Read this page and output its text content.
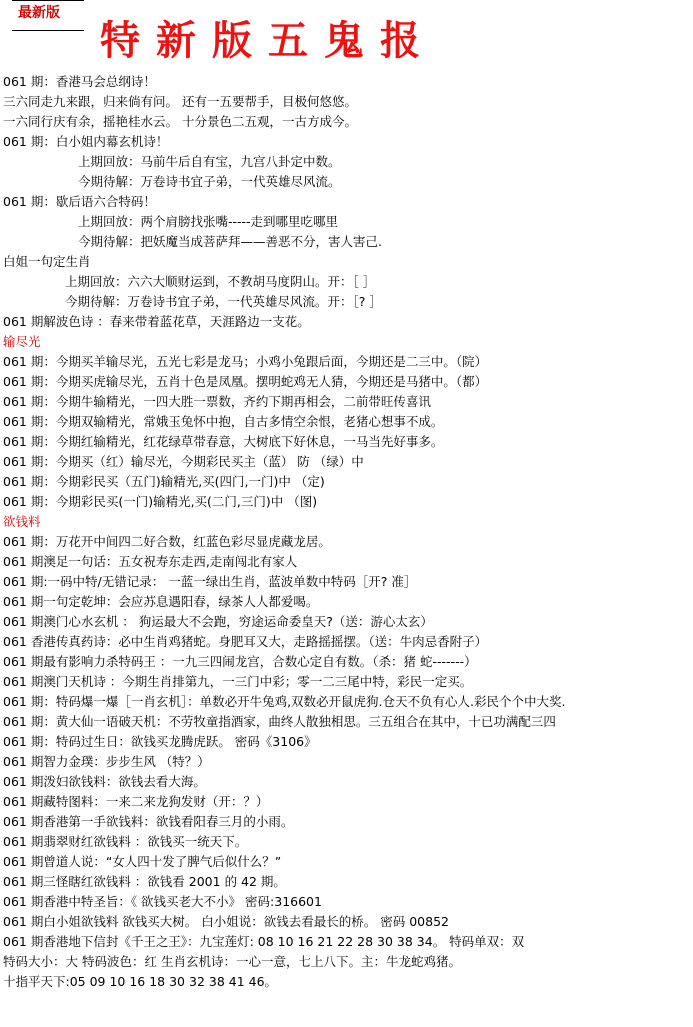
最新版
特新版五鬼报
061 期：香港马会总纲诗！
三六同走九来跟，归来倘有问。 还有一五要帮手，目极何悠悠。
一六同行庆有余，摇艳桂水云。 十分景色二五观，一古方成今。
061 期：白小姐内幕玄机诗！
上期回放：马前牛后自有宝，九宫八卦定中数。
今期待解：万卷诗书宜子弟，一代英雄尽风流。
061 期：歇后语六合特码！
上期回放：两个肩膀找张嘴-----走到哪里吃哪里
今期待解：把妖魔当成菩萨拜——善恶不分，害人害己.
白姐一句定生肖
上期回放：六六大顺财运到，不教胡马度阴山。开：［ ］
今期待解：万卷诗书宜子弟，一代英雄尽风流。开：［? ］
061 期解波色诗 ：春来带着蓝花草，天涯路边一支花。
输尽光
061 期：今期买羊输尽光，五光七彩是龙马；小鸡小兔跟后面，今期还是二三中。（院）
061 期：今期买虎输尽光，五肖十色是凤凰。摆明蛇鸡无人猜，今期还是马猪中。（都）
061 期：今期牛输精光，一四大胜一票数，齐约下期再相会，二前带旺传喜讯
061 期：今期双输精光，常娥玉兔怀中抱，自古多情空余恨，老猪心想事不成。
061 期：今期红输精光，红花绿草带春意，大树底下好休息，一马当先好事多。
061 期：今期买（红）输尽光，今期彩民买主（蓝） 防 （绿）中
061 期：今期彩民买（五门)输精光,买(四门,一门)中 （定)
061 期：今期彩民买(一门)输精光,买(二门,三门)中 （图)
欲钱料
061 期：万花开中间四二好合数，红蓝色彩尽显虎藏龙居。
061 期澳足一句话：五女祝寿东走西,走南闯北有家人
061 期:一码中特/无错记录： 一蓝一绿出生肖，蓝波单数中特码［开? 准］
061 期一句定乾坤：会应苏息遇阳春，绿茶人人都爱喝。
061 期澳门心水玄机 ： 狗运最大不会跑，穷途运命委皇天?（送：游心太玄）
061 香港传真药诗：必中生肖鸡猪蛇。身肥耳又大，走路摇摇摆。（送：牛肉忌香附子）
061 期最有影响力杀特码王 ：一九三四闹龙宫，合数心定自有数。（杀：猪 蛇-------）
061 期澳门天机诗 ：今期生肖排第九，一三门中彩；零一二三尾中特，彩民一定买。
061 期：特码爆一爆［一肖玄机］：单数必开牛兔鸡,双数必开鼠虎狗.仓天不负有心人.彩民个个中大奖.
061 期：黄大仙一语破天机：不劳牧童指酒家，曲终人散独相思。三五组合在其中，十已功满配三四
061 期：特码过生日：欲钱买龙腾虎跃。 密码《3106》
061 期智力金璞：步步生风 （特？）
061 期泼妇欲钱料：欲钱去看大海。
061 期藏特图料：一来二来龙狗发财（开：？）
061 期香港第一手欲钱料：欲钱看阳春三月的小雨。
061 期翡翠财红欲钱料 ：欲钱买一统天下。
061 期曾道人说：“女人四十发了脾气后似什么？”
061 期三怪瞎红欲钱料 ：欲钱看 2001 的 42 期。
061 期香港中特圣旨：《 欲钱买老大不小》 密码:316601
061 期白小姐欲钱料 欲钱买大树。 白小姐说：欲钱去看最长的桥。 密码 00852
061 期香港地下信封《千王之王》：九宝莲灯: 08 10 16 21 22 28 30 38 34。 特码单双：双
特码大小：大 特码波色：红 生肖玄机诗：一心一意，七上八下。主：牛龙蛇鸡猪。
十指平天下:05 09 10 16 18 30 32 38 41 46。
